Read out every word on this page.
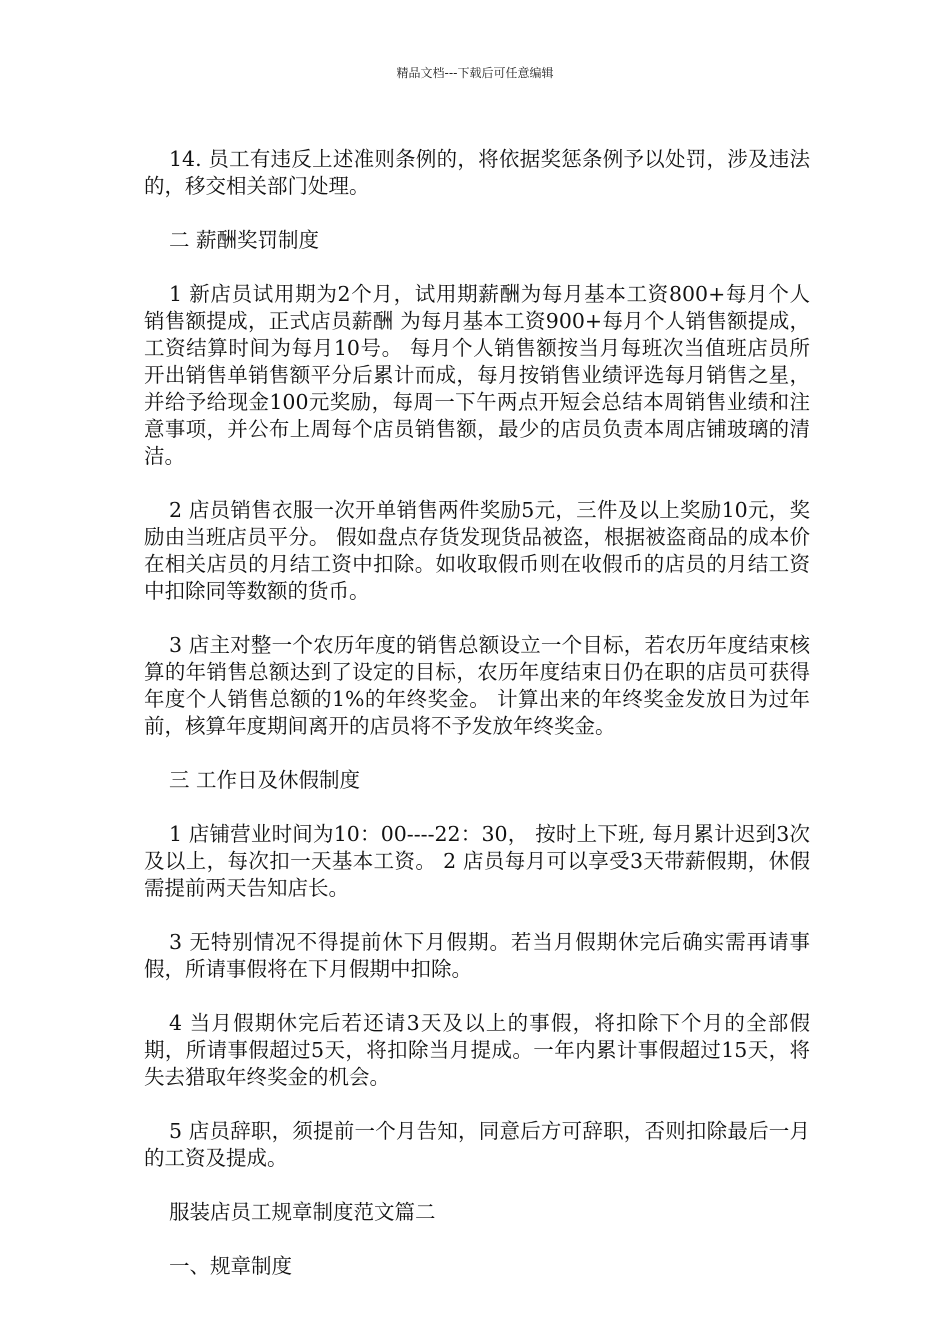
精品文档---下载后可任意编辑

14. 员工有违反上述准则条例的，将依据奖惩条例予以处罚，涉及违法的，移交相关部门处理。

二 薪酬奖罚制度

1 新店员试用期为2个月，试用期薪酬为每月基本工资800+每月个人销售额提成，正式店员薪酬 为每月基本工资900+每月个人销售额提成，工资结算时间为每月10号。 每月个人销售额按当月每班次当值班店员所开出销售单销售额平分后累计而成，每月按销售业绩评选每月销售之星，并给予给现金100元奖励，每周一下午两点开短会总结本周销售业绩和注意事项，并公布上周每个店员销售额，最少的店员负责本周店铺玻璃的清洁。

2 店员销售衣服一次开单销售两件奖励5元，三件及以上奖励10元，奖励由当班店员平分。 假如盘点存货发现货品被盗，根据被盗商品的成本价在相关店员的月结工资中扣除。如收取假币则在收假币的店员的月结工资中扣除同等数额的货币。

3 店主对整一个农历年度的销售总额设立一个目标，若农历年度结束核算的年销售总额达到了设定的目标，农历年度结束日仍在职的店员可获得年度个人销售总额的1%的年终奖金。 计算出来的年终奖金发放日为过年前，核算年度期间离开的店员将不予发放年终奖金。

三 工作日及休假制度

1 店铺营业时间为10：00----22：30， 按时上下班, 每月累计迟到3次及以上，每次扣一天基本工资。 2 店员每月可以享受3天带薪假期，休假需提前两天告知店长。

3 无特别情况不得提前休下月假期。若当月假期休完后确实需再请事假，所请事假将在下月假期中扣除。

4 当月假期休完后若还请3天及以上的事假，将扣除下个月的全部假期，所请事假超过5天，将扣除当月提成。一年内累计事假超过15天，将失去猎取年终奖金的机会。

5 店员辞职，须提前一个月告知，同意后方可辞职，否则扣除最后一月的工资及提成。

服装店员工规章制度范文篇二

一、规章制度
